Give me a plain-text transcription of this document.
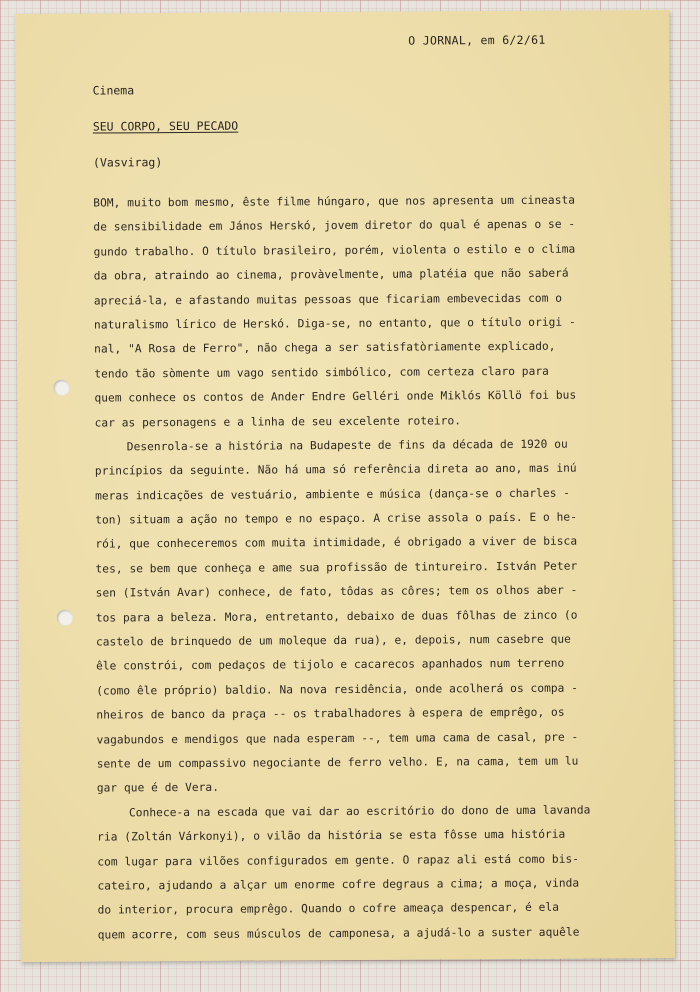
O JORNAL, em 6/2/61
Cinema
SEU CORPO, SEU PECADO
(Vasvirag)
BOM, muito bom mesmo, êste filme húngaro, que nos apresenta um cineasta
de sensibilidade em János Herskó, jovem diretor do qual é apenas o se -
gundo trabalho. O título brasileiro, porém, violenta o estilo e o clima
da obra, atraindo ao cinema, provàvelmente, uma platéia que não saberá
apreciá-la, e afastando muitas pessoas que ficariam embevecidas com o
naturalismo lírico de Herskó. Diga-se, no entanto, que o título origi -
nal, "A Rosa de Ferro", não chega a ser satisfatòriamente explicado,
tendo tão sòmente um vago sentido simbólico, com certeza claro para
quem conhece os contos de Ander Endre Gelléri onde Miklós Köllö foi bus
car as personagens e a linha de seu excelente roteiro.
Desenrola-se a história na Budapeste de fins da década de 1920 ou
princípios da seguinte. Não há uma só referência direta ao ano, mas inú
meras indicações de vestuário, ambiente e música (dança-se o charles -
ton) situam a ação no tempo e no espaço. A crise assola o país. E o he-
rói, que conheceremos com muita intimidade, é obrigado a viver de bisca
tes, se bem que conheça e ame sua profissão de tintureiro. István Peter
sen (István Avar) conhece, de fato, tôdas as côres; tem os olhos aber -
tos para a beleza. Mora, entretanto, debaixo de duas fôlhas de zinco (o
castelo de brinquedo de um moleque da rua), e, depois, num casebre que
êle constrói, com pedaços de tijolo e cacarecos apanhados num terreno
(como êle próprio) baldio. Na nova residência, onde acolherá os compa -
nheiros de banco da praça -- os trabalhadores à espera de emprêgo, os
vagabundos e mendigos que nada esperam --, tem uma cama de casal, pre -
sente de um compassivo negociante de ferro velho. E, na cama, tem um lu
gar que é de Vera.
Conhece-a na escada que vai dar ao escritório do dono de uma lavandа
ria (Zoltán Várkonyi), o vilão da história se esta fôsse uma história
com lugar para vilões configurados em gente. O rapaz ali está como bis-
cateiro, ajudando a alçar um enorme cofre degraus a cima; a moça, vinda
do interior, procura emprêgo. Quando o cofre ameaça despencar, é ela
quem acorre, com seus músculos de camponesa, a ajudá-lo a suster aquêle
